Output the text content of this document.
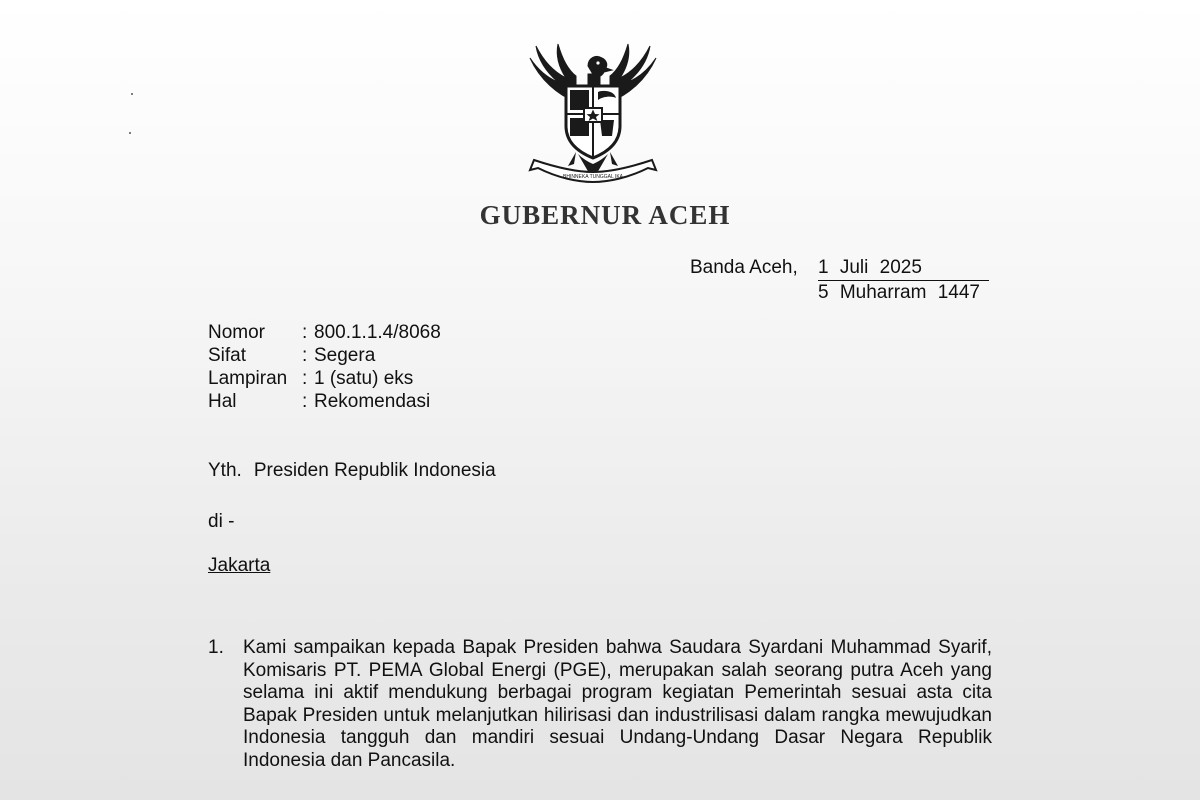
BHINNEKA TUNGGAL IKA
GUBERNUR ACEH
Banda Aceh,	1 Juli 2025
5 Muharram 1447
Nomor	: 800.1.1.4/8068
Sifat	: Segera
Lampiran : 1 (satu) eks
Hal	: Rekomendasi
Yth. Presiden Republik Indonesia
di -
Jakarta
1.	Kami sampaikan kepada Bapak Presiden bahwa Saudara Syardani Muhammad Syarif, Komisaris PT. PEMA Global Energi (PGE), merupakan salah seorang putra Aceh yang selama ini aktif mendukung berbagai program kegiatan Pemerintah sesuai asta cita Bapak Presiden untuk melanjutkan hilirisasi dan industrilisasi dalam rangka mewujudkan Indonesia tangguh dan mandiri sesuai Undang-Undang Dasar Negara Republik Indonesia dan Pancasila.
